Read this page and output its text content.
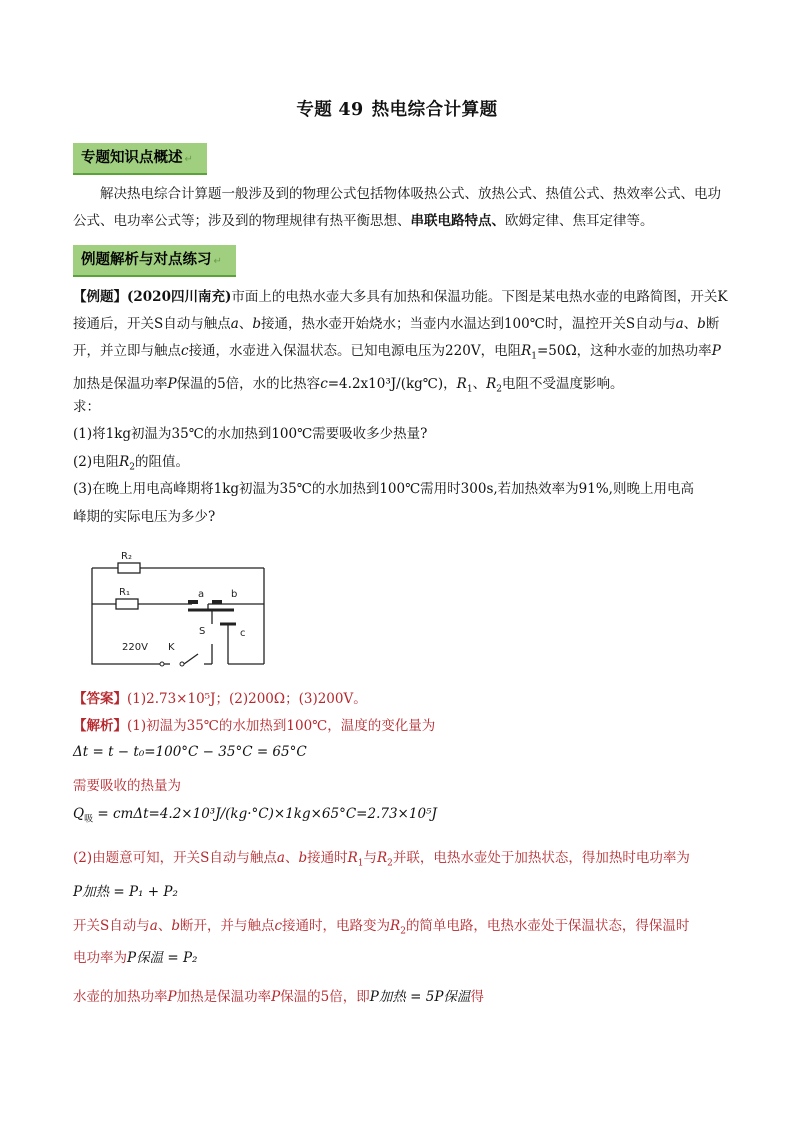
专题 49 热电综合计算题
专题知识点概述 ↵

解决热电综合计算题一般涉及到的物理公式包括物体吸热公式、放热公式、热值公式、热效率公式、电功公式、电功率公式等；涉及到的物理规律有热平衡思想、串联电路特点、欧姆定律、焦耳定律等。

例题解析与对点练习 ↵

【例题】(2020四川南充)市面上的电热水壶大多具有加热和保温功能。下图是某电热水壶的电路简图，开关K接通后，开关S自动与触点a、b接通，热水壶开始烧水；当壶内水温达到100℃时，温控开关S自动与a、b断开，并立即与触点c接通，水壶进入保温状态。已知电源电压为220V，电阻$R_1=50\Omega$，这种水壶的加热功率P加热是保温功率P保温的5倍，水的比热容c=4.2x10³J/(kg℃)，$R_1$、$R_2$电阻不受温度影响。

求：

(1)将1kg初温为35℃的水加热到100℃需要吸收多少热量?

(2)电阻$R_2$的阻值。

(3)在晚上用电高峰期将1kg初温为35℃的水加热到100℃需用时300s,若加热效率为91%,则晚上用电高

峰期的实际电压为多少?

R₂
R₁	a	b
S	c
220V K

【答案】(1)2.73×10⁵J；(2)200Ω；(3)200V。

【解析】(1)初温为35℃的水加热到100℃，温度的变化量为

Δt = t − t₀=100°C − 35°C = 65°C

需要吸收的热量为

$Q_吸 = cm\Delta t=4.2\times 10^3J/(kg\cdot^\circ C)\times 1kg\times 65^\circ C=2.73\times 10^5J$

(2)由题意可知，开关S自动与触点a、b接通时$R_1$与$R_2$并联，电热水壶处于加热状态，得加热时电功率为

P加热 = P₁ + P₂

开关S自动与a、b断开，并与触点c接通时，电路变为$R_2$的简单电路，电热水壶处于保温状态，得保温时

电功率为P保温 = P₂

水壶的加热功率P加热是保温功率P保温的5倍，即P加热 = 5P保温得
